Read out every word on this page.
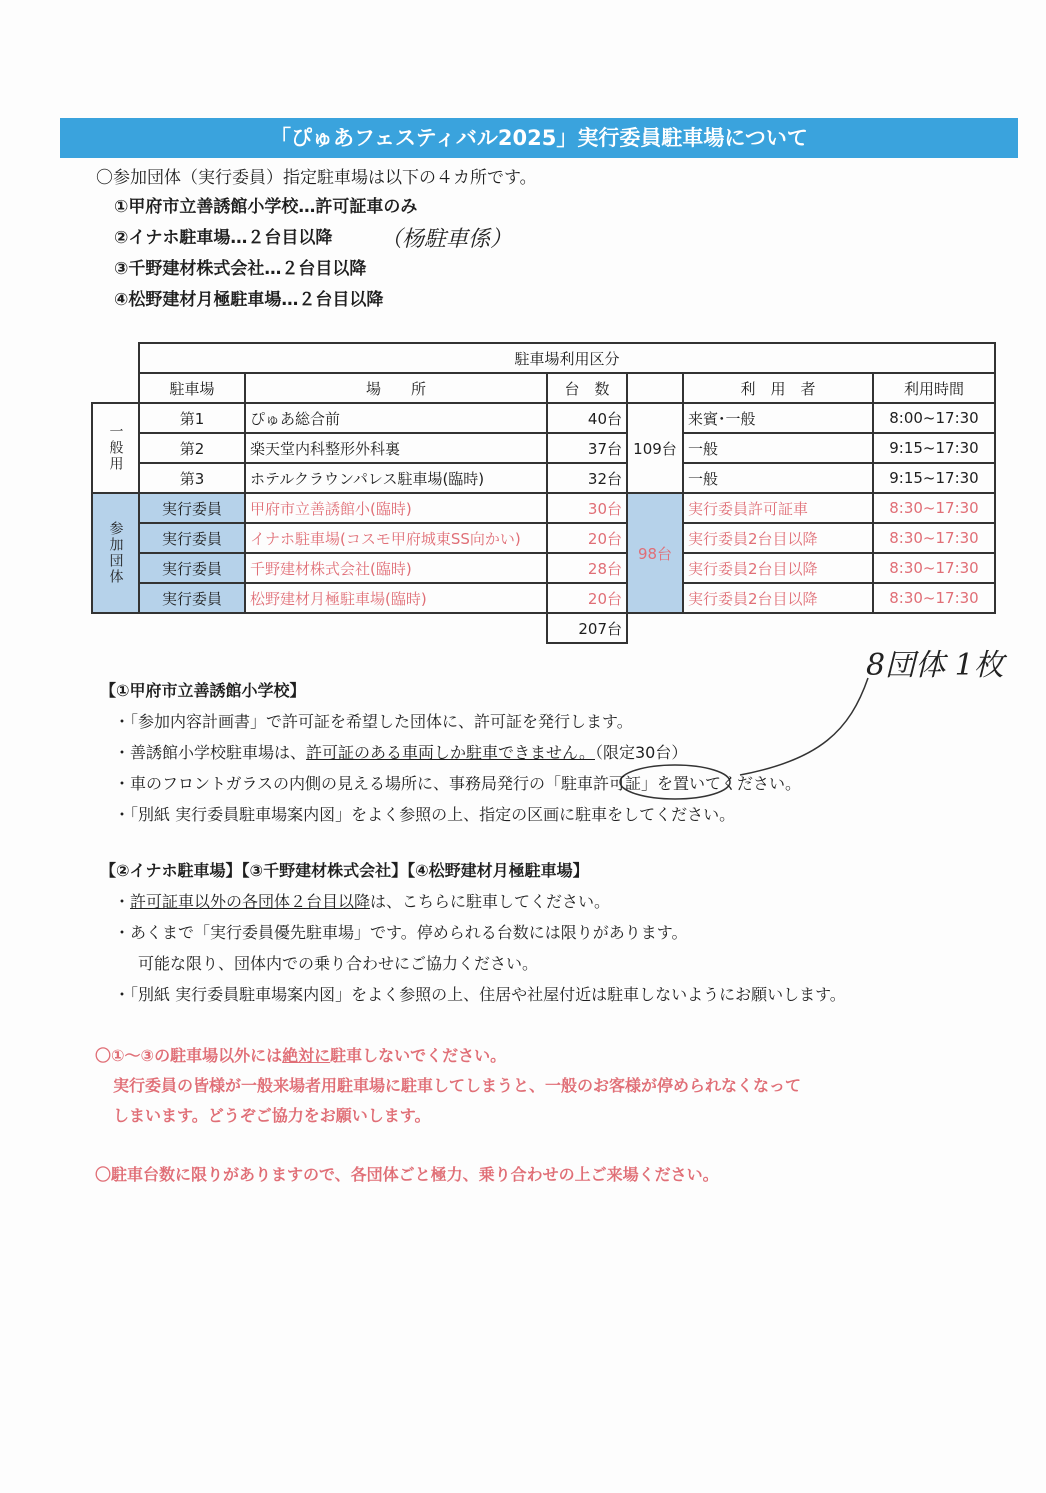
「ぴゅあフェスティバル2025」実行委員駐車場について
〇参加団体（実行委員）指定駐車場は以下の４カ所です。
①甲府市立善誘館小学校…許可証車のみ
②イナホ駐車場…２台目以降
③千野建材株式会社…２台目以降
④松野建材月極駐車場…２台目以降
（杨駐車係）
8団体 1枚
	駐車場利用区分					
	駐車場	場　　所	台　数		利　用　者	利用時間
一般用	第1	ぴゅあ総合前	40台	109台	来賓･一般	8:00~17:30
	第2	楽天堂内科整形外科裏	37台		一般	9:15~17:30
	第3	ホテルクラウンパレス駐車場(臨時)	32台		一般	9:15~17:30
参加団体	実行委員	甲府市立善誘館小(臨時)	30台	98台	実行委員許可証車	8:30~17:30
	実行委員	イナホ駐車場(コスモ甲府城東SS向かい)	20台		実行委員2台目以降	8:30~17:30
	実行委員	千野建材株式会社(臨時)	28台		実行委員2台目以降	8:30~17:30
	実行委員	松野建材月極駐車場(臨時)	20台		実行委員2台目以降	8:30~17:30
			207台			
【①甲府市立善誘館小学校】
・「参加内容計画書」で許可証を希望した団体に、許可証を発行します。
・善誘館小学校駐車場は、許可証のある車両しか駐車できません。（限定30台）
・車のフロントガラスの内側の見える場所に、事務局発行の「駐車許可証」を置いてください。
・「別紙 実行委員駐車場案内図」をよく参照の上、指定の区画に駐車をしてください。
【②イナホ駐車場】【③千野建材株式会社】【④松野建材月極駐車場】
・許可証車以外の各団体２台目以降は、こちらに駐車してください。
・あくまで「実行委員優先駐車場」です。停められる台数には限りがあります。
可能な限り、団体内での乗り合わせにご協力ください。
・「別紙 実行委員駐車場案内図」をよく参照の上、住居や社屋付近は駐車しないようにお願いします。
〇①～③の駐車場以外には絶対に駐車しないでください。
実行委員の皆様が一般来場者用駐車場に駐車してしまうと、一般のお客様が停められなくなって
しまいます。どうぞご協力をお願いします。
〇駐車台数に限りがありますので、各団体ごと極力、乗り合わせの上ご来場ください。
